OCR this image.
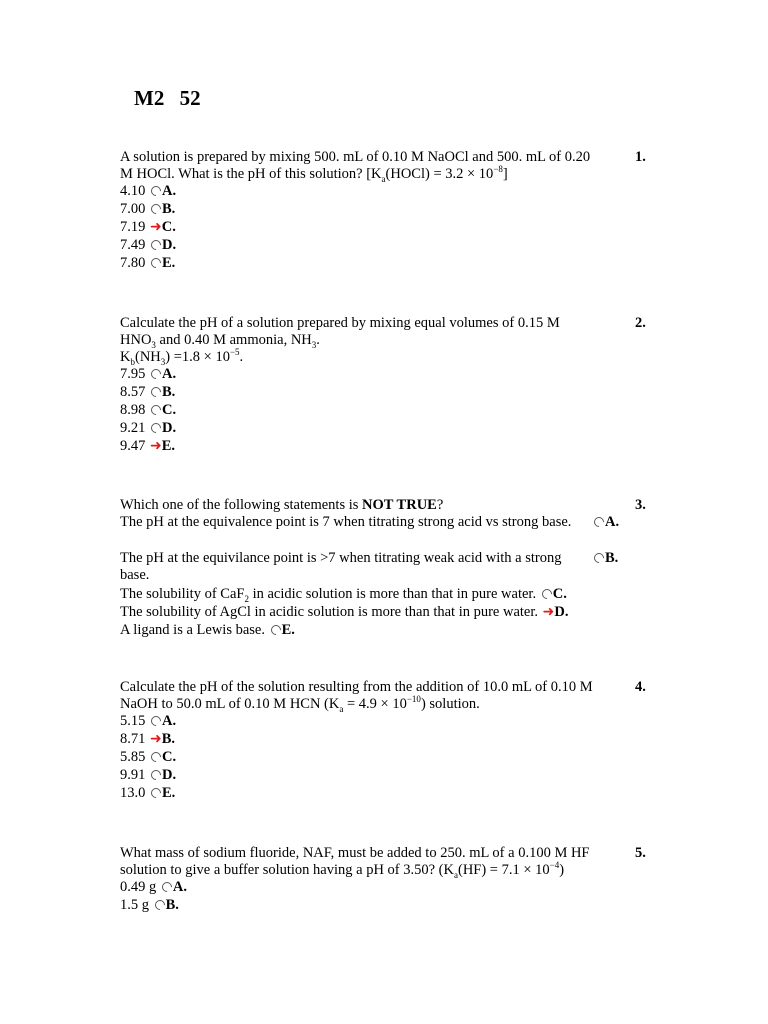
M2 52
1.
A solution is prepared by mixing 500. mL of 0.10 M NaOCl and 500. mL of 0.20
M HOCl. What is the pH of this solution? $[K_a(HOCl) = 3.2 \times 10^{-8}]$
4.10 A.
7.00 B.
7.19 ➜C.
7.49 D.
7.80 E.
2.
Calculate the pH of a solution prepared by mixing equal volumes of 0.15 M
$HNO_3$ and 0.40 M ammonia, $NH_3$.
$K_b(NH_3) =1.8 \times 10^{-5}$.
7.95 A.
8.57 B.
8.98 C.
9.21 D.
9.47 ➜E.
3.
Which one of the following statements is NOT TRUE?
The pH at the equivalence point is 7 when titrating strong acid vs strong base.	A.
The pH at the equivilance point is >7 when titrating weak acid with a strong base.
B.
The solubility of CaF$_2$ in acidic solution is more than that in pure water. C.
The solubility of AgCl in acidic solution is more than that in pure water. ➜D.
A ligand is a Lewis base. E.
4.
Calculate the pH of the solution resulting from the addition of 10.0 mL of 0.10 M
NaOH to 50.0 mL of 0.10 M HCN $(K_a = 4.9 \times 10^{-10})$ solution.
5.15 A.
8.71 ➜B.
5.85 C.
9.91 D.
13.0 E.
5.
What mass of sodium fluoride, NAF, must be added to 250. mL of a 0.100 M HF
solution to give a buffer solution having a pH of 3.50? $(K_a(HF) = 7.1 \times 10^{-4})$
0.49 g A.
1.5 g B.
